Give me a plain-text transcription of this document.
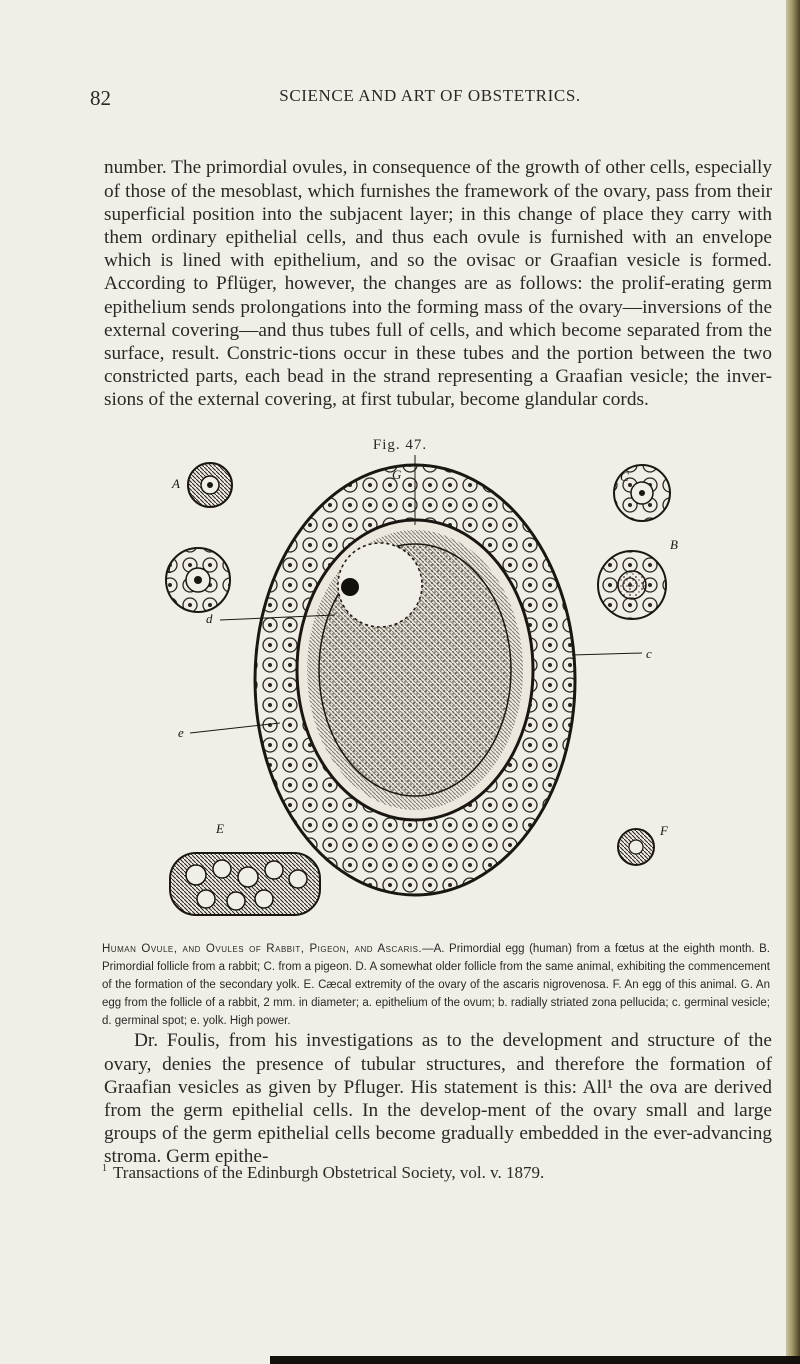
82	SCIENCE AND ART OF OBSTETRICS.

number. The primordial ovules, in consequence of the growth of other cells, especially of those of the mesoblast, which furnishes the framework of the ovary, pass from their superficial position into the subjacent layer; in this change of place they carry with them ordinary epithelial cells, and thus each ovule is furnished with an envelope which is lined with epithelium, and so the ovisac or Graafian vesicle is formed. According to Pflüger, however, the changes are as follows: the prolif-erating germ epithelium sends prolongations into the forming mass of the ovary—inversions of the external covering—and thus tubes full of cells, and which become separated from the surface, result. Constric-tions occur in these tubes and the portion between the two constricted parts, each bead in the strand representing a Graafian vesicle; the inver-sions of the external covering, at first tubular, become glandular cords.

Fig. 47.
A
G	C
B
1
d
c
e
E	F

Human Ovule, and Ovules of Rabbit, Pigeon, and Ascaris.—A. Primordial egg (human) from a fœtus at the eighth month. B. Primordial follicle from a rabbit; C. from a pigeon. D. A somewhat older follicle from the same animal, exhibiting the commencement of the formation of the secondary yolk. E. Cæcal extremity of the ovary of the ascaris nigrovenosa. F. An egg of this animal. G. An egg from the follicle of a rabbit, 2 mm. in diameter; a. epithelium of the ovum; b. radially striated zona pellucida; c. germinal vesicle; d. germinal spot; e. yolk. High power.

Dr. Foulis, from his investigations as to the development and structure of the ovary, denies the presence of tubular structures, and therefore the formation of Graafian vesicles as given by Pfluger. His statement is this: All¹ the ova are derived from the germ epithelial cells. In the develop-ment of the ovary small and large groups of the germ epithelial cells become gradually embedded in the ever-advancing stroma. Germ epithe-

$^1$ Transactions of the Edinburgh Obstetrical Society, vol. v. 1879.
